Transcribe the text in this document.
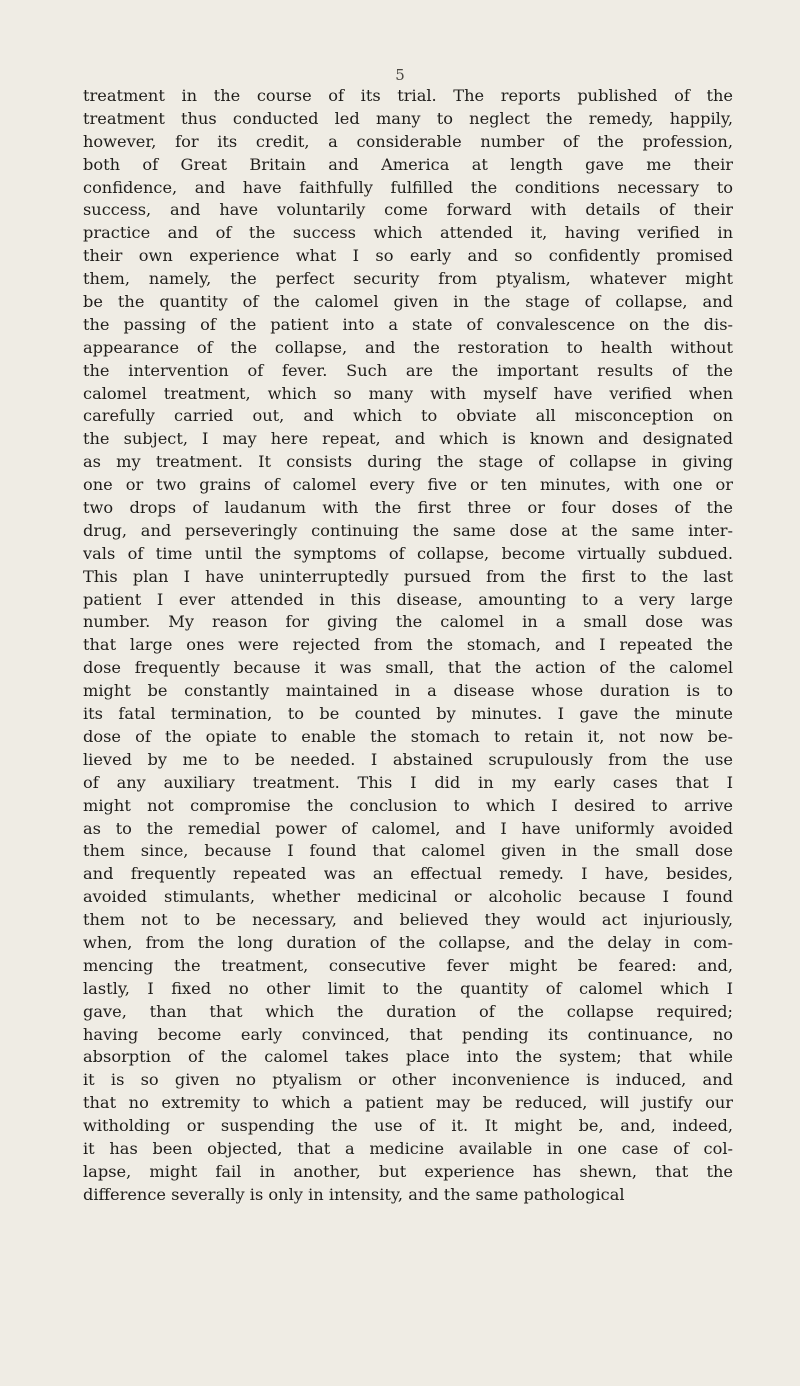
5
treatment in the course of its trial. The reports published of the
treatment thus conducted led many to neglect the remedy, happily,
however, for its credit, a considerable number of the profession,
both of Great Britain and America at length gave me their
confidence, and have faithfully fulfilled the conditions necessary to
success, and have voluntarily come forward with details of their
practice and of the success which attended it, having verified in
their own experience what I so early and so confidently promised
them, namely, the perfect security from ptyalism, whatever might
be the quantity of the calomel given in the stage of collapse, and
the passing of the patient into a state of convalescence on the dis-
appearance of the collapse, and the restoration to health without
the intervention of fever. Such are the important results of the
calomel treatment, which so many with myself have verified when
carefully carried out, and which to obviate all misconception on
the subject, I may here repeat, and which is known and designated
as my treatment. It consists during the stage of collapse in giving
one or two grains of calomel every five or ten minutes, with one or
two drops of laudanum with the first three or four doses of the
drug, and perseveringly continuing the same dose at the same inter-
vals of time until the symptoms of collapse, become virtually subdued.
This plan I have uninterruptedly pursued from the first to the last
patient I ever attended in this disease, amounting to a very large
number. My reason for giving the calomel in a small dose was
that large ones were rejected from the stomach, and I repeated the
dose frequently because it was small, that the action of the calomel
might be constantly maintained in a disease whose duration is to
its fatal termination, to be counted by minutes. I gave the minute
dose of the opiate to enable the stomach to retain it, not now be-
lieved by me to be needed. I abstained scrupulously from the use
of any auxiliary treatment. This I did in my early cases that I
might not compromise the conclusion to which I desired to arrive
as to the remedial power of calomel, and I have uniformly avoided
them since, because I found that calomel given in the small dose
and frequently repeated was an effectual remedy. I have, besides,
avoided stimulants, whether medicinal or alcoholic because I found
them not to be necessary, and believed they would act injuriously,
when, from the long duration of the collapse, and the delay in com-
mencing the treatment, consecutive fever might be feared: and,
lastly, I fixed no other limit to the quantity of calomel which I
gave, than that which the duration of the collapse required;
having become early convinced, that pending its continuance, no
absorption of the calomel takes place into the system; that while
it is so given no ptyalism or other inconvenience is induced, and
that no extremity to which a patient may be reduced, will justify our
witholding or suspending the use of it. It might be, and, indeed,
it has been objected, that a medicine available in one case of col-
lapse, might fail in another, but experience has shewn, that the
difference severally is only in intensity, and the same pathological
